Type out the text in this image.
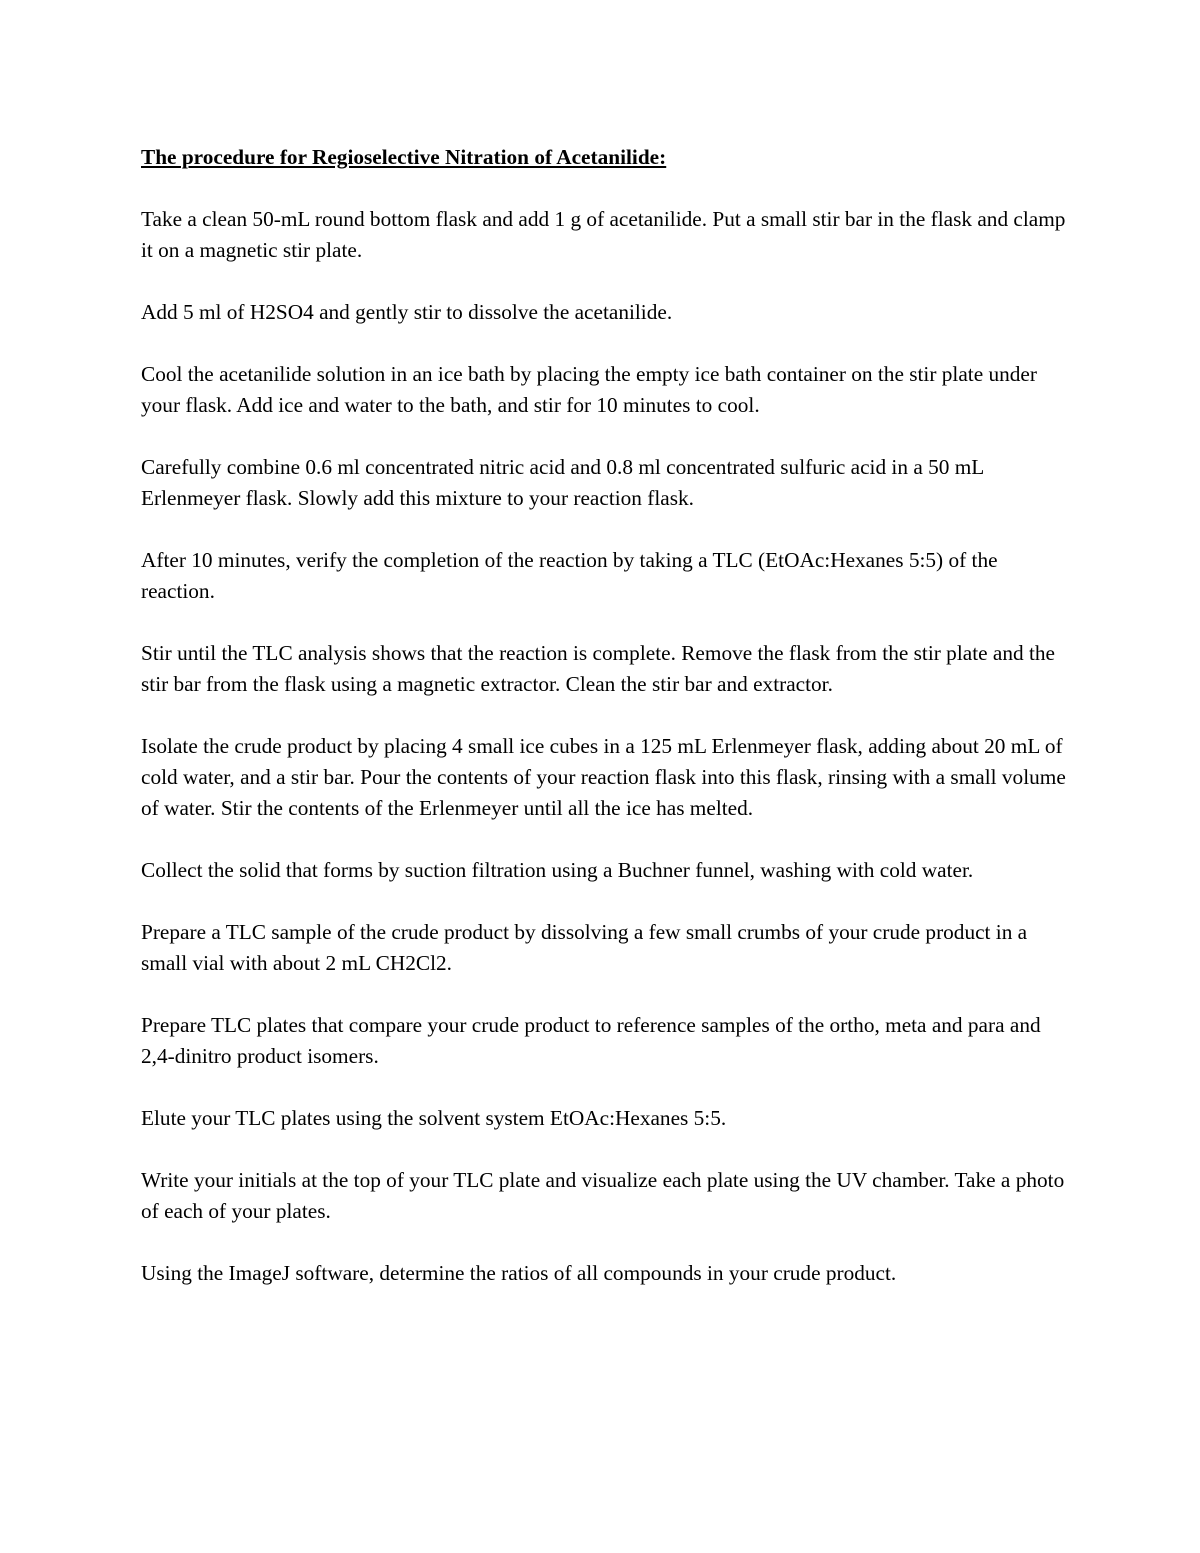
The procedure for Regioselective Nitration of Acetanilide:

Take a clean 50-mL round bottom flask and add 1 g of acetanilide. Put a small stir bar in the flask and clamp it on a magnetic stir plate.

Add 5 ml of H2SO4 and gently stir to dissolve the acetanilide.

Cool the acetanilide solution in an ice bath by placing the empty ice bath container on the stir plate under your flask. Add ice and water to the bath, and stir for 10 minutes to cool.

Carefully combine 0.6 ml concentrated nitric acid and 0.8 ml concentrated sulfuric acid in a 50 mL Erlenmeyer flask. Slowly add this mixture to your reaction flask.

After 10 minutes, verify the completion of the reaction by taking a TLC (EtOAc:Hexanes 5:5) of the reaction.

Stir until the TLC analysis shows that the reaction is complete. Remove the flask from the stir plate and the stir bar from the flask using a magnetic extractor. Clean the stir bar and extractor.

Isolate the crude product by placing 4 small ice cubes in a 125 mL Erlenmeyer flask, adding about 20 mL of cold water, and a stir bar. Pour the contents of your reaction flask into this flask, rinsing with a small volume of water. Stir the contents of the Erlenmeyer until all the ice has melted.

Collect the solid that forms by suction filtration using a Buchner funnel, washing with cold water.

Prepare a TLC sample of the crude product by dissolving a few small crumbs of your crude product in a small vial with about 2 mL CH2Cl2.

Prepare TLC plates that compare your crude product to reference samples of the ortho, meta and para and 2,4-dinitro product isomers.

Elute your TLC plates using the solvent system EtOAc:Hexanes 5:5.

Write your initials at the top of your TLC plate and visualize each plate using the UV chamber. Take a photo of each of your plates.

Using the ImageJ software, determine the ratios of all compounds in your crude product.
